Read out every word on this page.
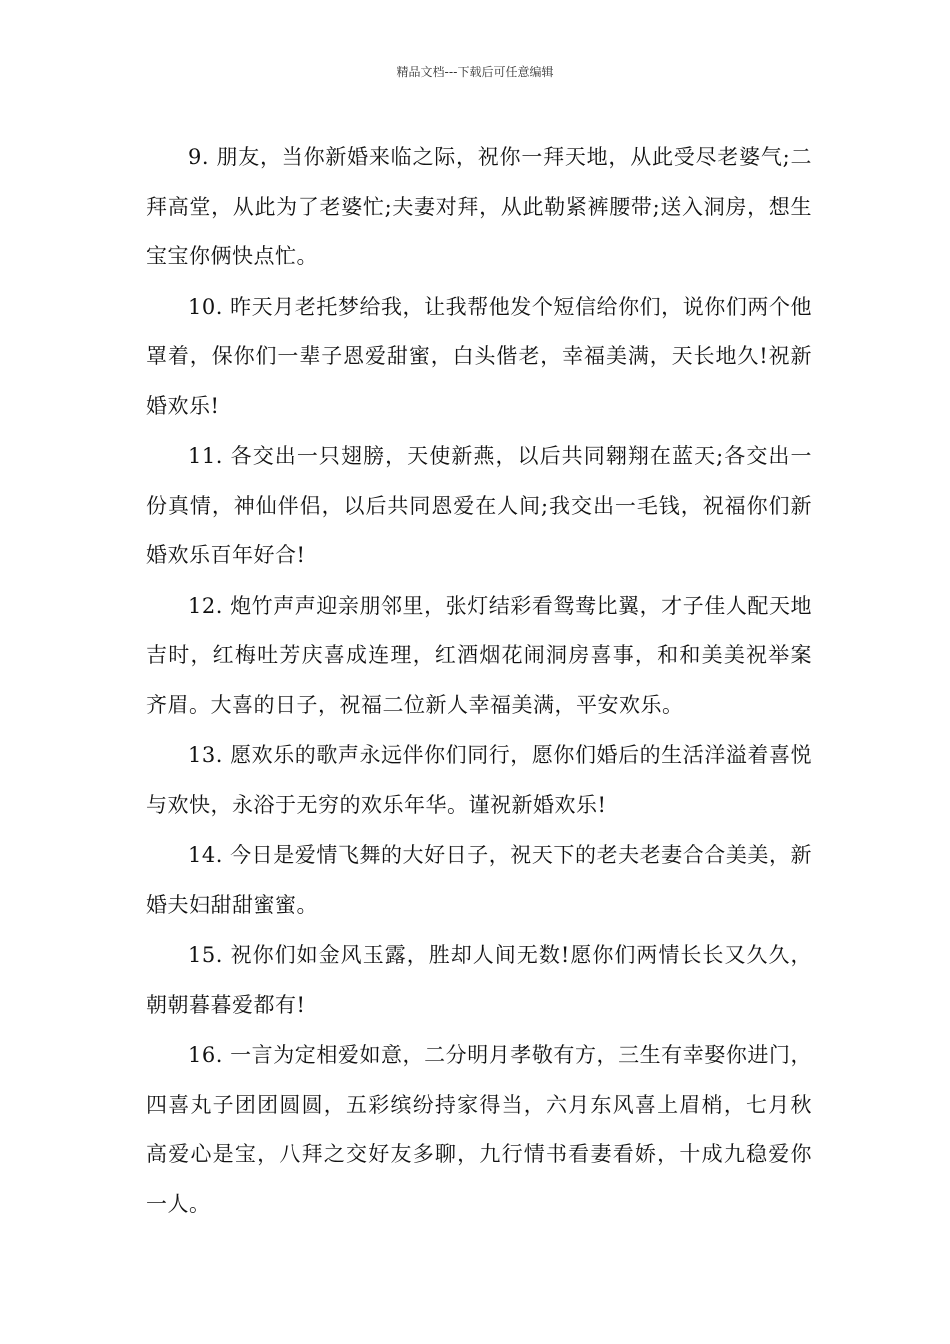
精品文档---下载后可任意编辑

9. 朋友，当你新婚来临之际，祝你一拜天地，从此受尽老婆气;二拜高堂，从此为了老婆忙;夫妻对拜，从此勒紧裤腰带;送入洞房，想生宝宝你俩快点忙。

10. 昨天月老托梦给我，让我帮他发个短信给你们，说你们两个他罩着，保你们一辈子恩爱甜蜜，白头偕老，幸福美满，天长地久!祝新婚欢乐!

11. 各交出一只翅膀，天使新燕，以后共同翱翔在蓝天;各交出一份真情，神仙伴侣，以后共同恩爱在人间;我交出一毛钱，祝福你们新婚欢乐百年好合!

12. 炮竹声声迎亲朋邻里，张灯结彩看鸳鸯比翼，才子佳人配天地吉时，红梅吐芳庆喜成连理，红酒烟花闹洞房喜事，和和美美祝举案齐眉。大喜的日子，祝福二位新人幸福美满，平安欢乐。

13. 愿欢乐的歌声永远伴你们同行，愿你们婚后的生活洋溢着喜悦与欢快，永浴于无穷的欢乐年华。谨祝新婚欢乐!

14. 今日是爱情飞舞的大好日子，祝天下的老夫老妻合合美美，新婚夫妇甜甜蜜蜜。

15. 祝你们如金风玉露，胜却人间无数!愿你们两情长长又久久，朝朝暮暮爱都有!

16. 一言为定相爱如意，二分明月孝敬有方，三生有幸娶你进门，四喜丸子团团圆圆，五彩缤纷持家得当，六月东风喜上眉梢，七月秋高爱心是宝，八拜之交好友多聊，九行情书看妻看娇，十成九稳爱你一人。
